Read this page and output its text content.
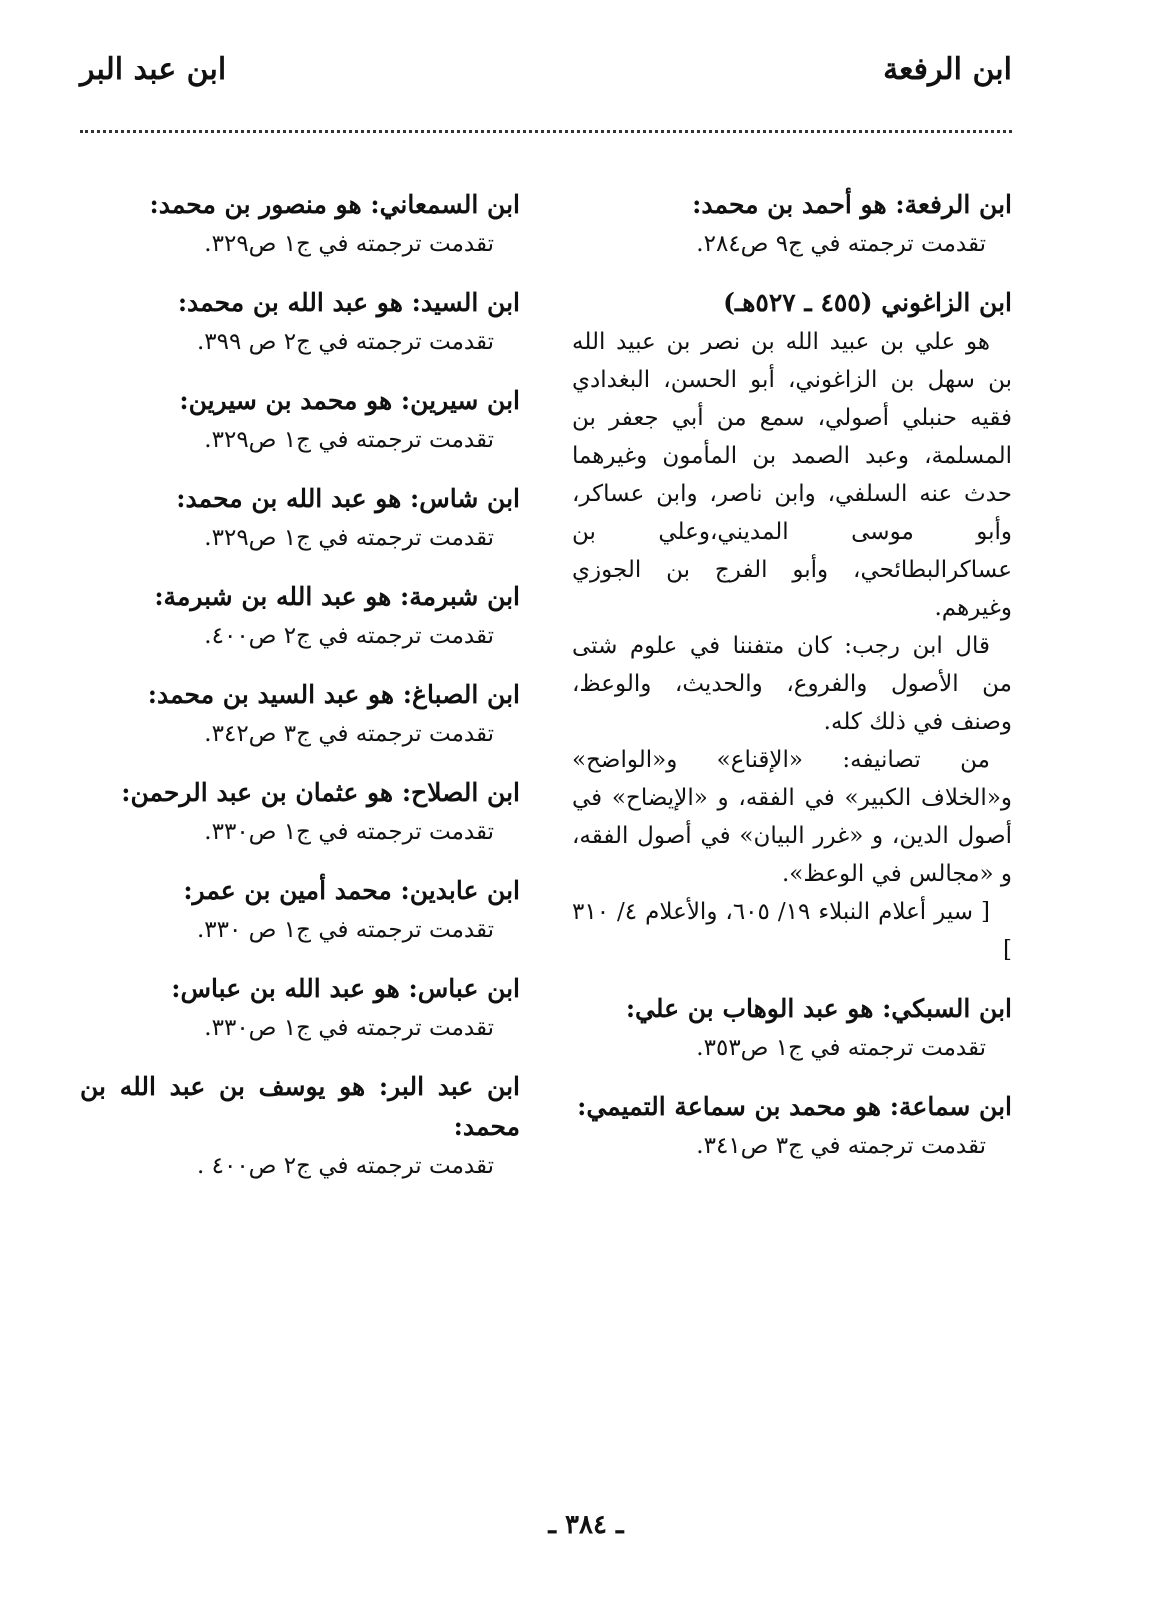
ابن الرفعة
ابن عبد البر
ابن الرفعة: هو أحمد بن محمد:
تقدمت ترجمته في ج٩ ص٢٨٤.
ابن الزاغوني (٤٥٥ ـ ٥٢٧هـ)

هو علي بن عبيد الله بن نصر بن عبيد الله بن سهل بن الزاغوني، أبو الحسن، البغدادي فقيه حنبلي أصولي، سمع من أبي جعفر بن المسلمة، وعبد الصمد بن المأمون وغيرهما حدث عنه السلفي، وابن ناصر، وابن عساكر، وأبو موسى المديني،وعلي بن عساكرالبطائحي، وأبو الفرج بن الجوزي وغيرهم.

قال ابن رجب: كان متفننا في علوم شتى من الأصول والفروع، والحديث، والوعظ، وصنف في ذلك كله.

من تصانيفه: «الإقناع» و«الواضح» و«الخلاف الكبير» في الفقه، و «الإيضاح» في أصول الدين، و «غرر البيان» في أصول الفقه، و «مجالس في الوعظ».

[ سير أعلام النبلاء ١٩/ ٦٠٥، والأعلام ٤/ ٣١٠ ]

ابن السبكي: هو عبد الوهاب بن علي:
تقدمت ترجمته في ج١ ص٣٥٣.
ابن سماعة: هو محمد بن سماعة التميمي:
تقدمت ترجمته في ج٣ ص٣٤١.
ابن السمعاني: هو منصور بن محمد:
تقدمت ترجمته في ج١ ص٣٢٩.
ابن السيد: هو عبد الله بن محمد:
تقدمت ترجمته في ج٢ ص ٣٩٩.
ابن سيرين: هو محمد بن سيرين:
تقدمت ترجمته في ج١ ص٣٢٩.
ابن شاس: هو عبد الله بن محمد:
تقدمت ترجمته في ج١ ص٣٢٩.
ابن شبرمة: هو عبد الله بن شبرمة:
تقدمت ترجمته في ج٢ ص٤٠٠.
ابن الصباغ: هو عبد السيد بن محمد:
تقدمت ترجمته في ج٣ ص٣٤٢.
ابن الصلاح: هو عثمان بن عبد الرحمن:
تقدمت ترجمته في ج١ ص٣٣٠.
ابن عابدين: محمد أمين بن عمر:
تقدمت ترجمته في ج١ ص ٣٣٠.
ابن عباس: هو عبد الله بن عباس:
تقدمت ترجمته في ج١ ص٣٣٠.
ابن عبد البر: هو يوسف بن عبد الله بن محمد:
تقدمت ترجمته في ج٢ ص٤٠٠ .
ـ ٣٨٤ ـ
